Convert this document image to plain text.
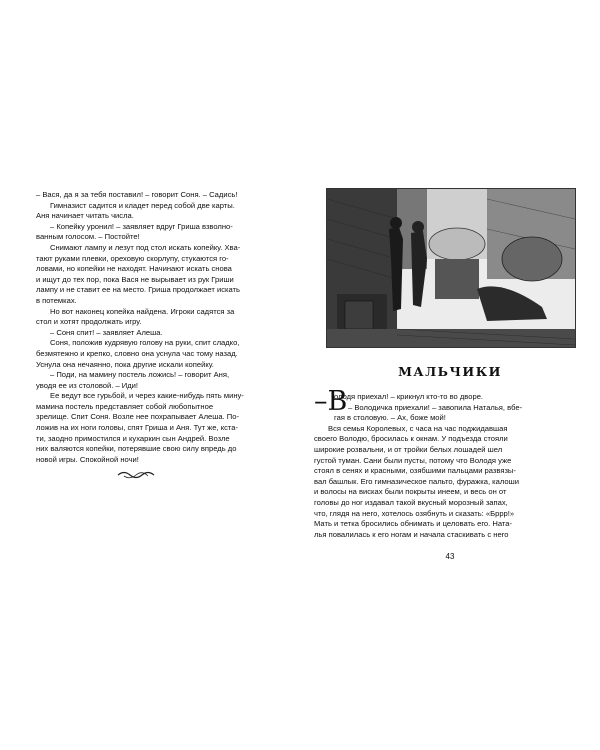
– Вася, да я за тебя поставил! – говорит Соня. – Садись!

Гимназист садится и кладет перед собой две карты.

Аня начинает читать числа.

– Копейку уронил! – заявляет вдруг Гриша взволно-

ванным голосом. – Постойте!

Снимают лампу и лезут под стол искать копейку. Хва-

тают руками плевки, ореховую скорлупу, стукаются го-

ловами, но копейки не находят. Начинают искать снова

и ищут до тех пор, пока Вася не вырывает из рук Гриши

лампу и не ставит ее на место. Гриша продолжает искать

в потемках.

Но вот наконец копейка найдена. Игроки садятся за

стол и хотят продолжать игру.

– Соня спит! – заявляет Алеша.

Соня, положив кудрявую голову на руки, спит сладко,

безмятежно и крепко, словно она уснула час тому назад.

Уснула она нечаянно, пока другие искали копейку.

– Поди, на мамину постель ложись! – говорит Аня,

уводя ее из столовой. – Иди!

Ее ведут все гурьбой, и через какие-нибудь пять мину-

мамина постель представляет собой любопытное

зрелище. Спит Соня. Возле нее похрапывает Алеша. По-

ложив на их ноги головы, спят Гриша и Аня. Тут же, кста-

ти, заодно примостился и кухаркин сын Андрей. Возле

них валяются копейки, потерявшие свою силу впредь до

новой игры. Спокойной ночи!

МАЛЬЧИКИ
–В

олодя приехал! – крикнул кто-то во дворе.

– Володичка приехали! – завопила Наталья, вбе-

гая в столовую. – Ах, боже мой!

Вся семья Королевых, с часа на час поджидавшая

своего Володю, бросилась к окнам. У подъезда стояли

широкие розвальни, и от тройки белых лошадей шел

густой туман. Сани были пусты, потому что Володя уже

стоял в сенях и красными, озябшими пальцами развязы-

вал башлык. Его гимназическое пальто, фуражка, калоши

и волосы на висках были покрыты инеем, и весь он от

головы до ног издавал такой вкусный морозный запах,

что, глядя на него, хотелось озябнуть и сказать: «Бррр!»

Мать и тетка бросились обнимать и целовать его. Ната-

лья повалилась к его ногам и начала стаскивать с него

43
